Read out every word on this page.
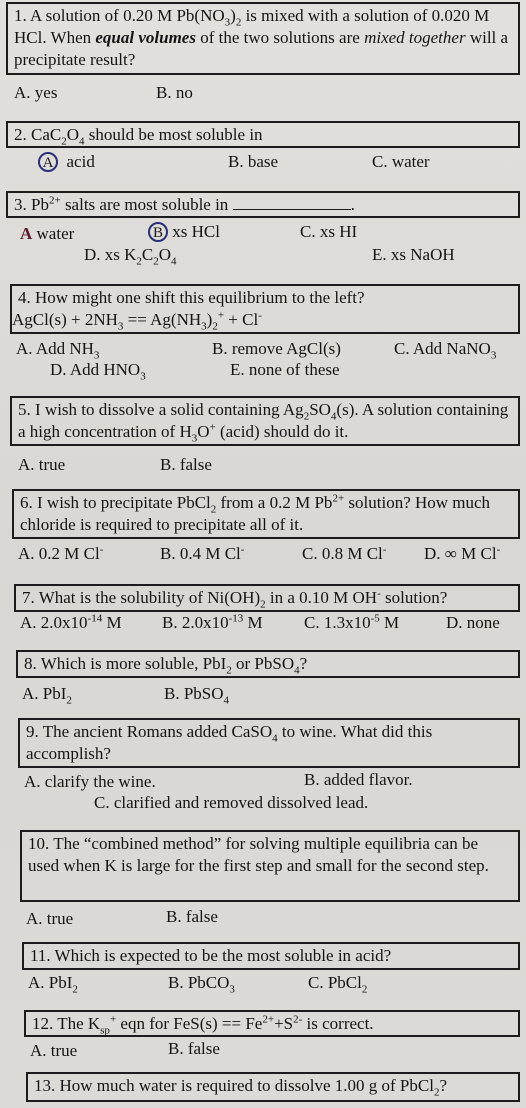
1. A solution of 0.20 M $Pb(NO_3)_2$ is mixed with a solution of 0.020 M HCl. When equal volumes of the two solutions are mixed together will a precipitate result?
A. yes	B. no
2. $CaC_2O_4$ should be most soluble in
A acid	B. base	C. water
3. $Pb^{2+}$ salts are most soluble in	.
A water	B xs HCl	C. xs HI
D. xs $K_2C_2O_4$	E. xs NaOH
4. How might one shift this equilibrium to the left?
AgCl(s) + $2NH_3 == Ag(NH_3)_2^+ + Cl^-$
A. Add $NH_3$	B. remove AgCl(s)	C. Add NaNO$_3$
D. Add $HNO_3$	E. none of these
5. I wish to dissolve a solid containing $Ag_2SO_4(s)$. A solution containing a high concentration of $H_3O^+$ (acid) should do it.
A. true	B. false
6. I wish to precipitate PbCl$_2$ from a 0.2 M $Pb^{2+}$ solution? How much chloride is required to precipitate all of it.
A. 0.2 M Cl-	B. 0.4 M Cl-	C. 0.8 M Cl- D. ∞ M Cl-
7. What is the solubility of $Ni(OH)_2$ in a 0.10 M OH- solution?
A. $2.0x10^{-14}$ M B. $2.0x10^{-13}$ M C. $1.3x10^{-5}$ M	D. none
8. Which is more soluble, PbI$_2$ or PbSO$_4$?
A. PbI$_2$	B. PbSO$_4$
9. The ancient Romans added CaSO$_4$ to wine. What did this accomplish?
A. clarify the wine.	B. added flavor.
C. clarified and removed dissolved lead.
10. The “combined method” for solving multiple equilibria can be used when K is large for the first step and small for the second step.
A. true	B. false
11. Which is expected to be the most soluble in acid?
A. PbI$_2$	B. PbCO$_3$	C. PbCl$_2$
12. The $K_{sp}^+$ eqn for $FeS(s) == Fe^{2+}+S^{2-}$ is correct.
A. true	B. false
13. How much water is required to dissolve 1.00 g of PbCl$_2$?
